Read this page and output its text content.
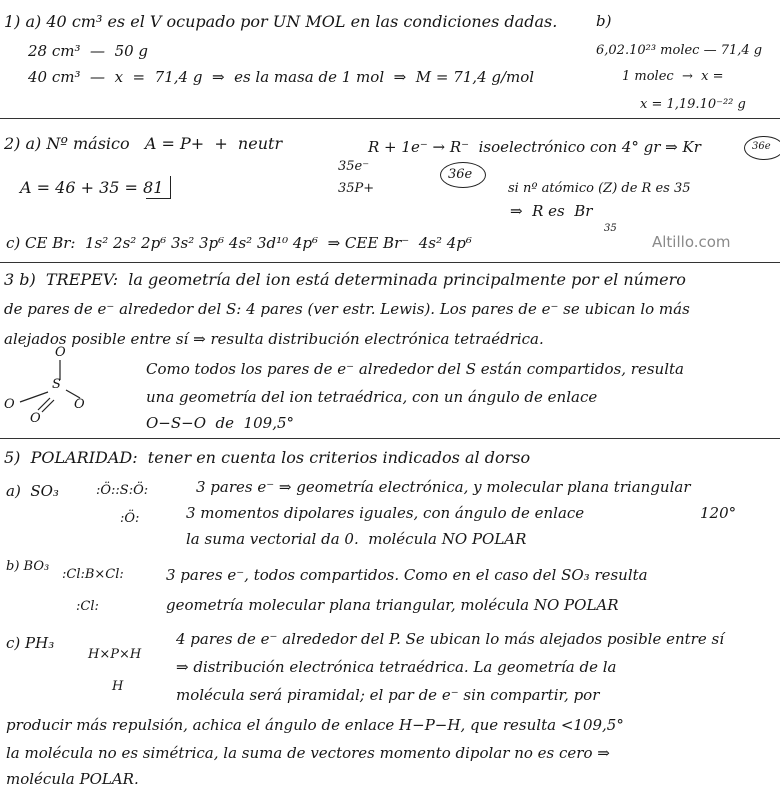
1) a) 40 cm³ es el V ocupado por UN MOL en las condiciones dadas.	b)
28 cm³  —  50 g	6,02.10²³ molec — 71,4 g
40 cm³  —  x  =  71,4 g  ⇒  es la masa de 1 mol  ⇒  M = 71,4 g/mol	1 molec  →  x =
x = 1,19.10⁻²² g
2) a) Nº másico   A = P+  +  neutr	R + 1e⁻ → R⁻  isoelectrónico con 4° gr ⇒ Kr	36e
35e⁻
36e
35P+
A = 46 + 35 = 81	si nº atómico (Z) de R es 35
⇒  R es  Br
35
c) CE Br:  1s² 2s² 2p⁶ 3s² 3p⁶ 4s² 3d¹⁰ 4p⁶  ⇒ CEE Br⁻  4s² 4p⁶	Altillo.com
3 b)  TREPEV:  la geometría del ion está determinada principalmente por el número
de pares de e⁻ alrededor del S: 4 pares (ver estr. Lewis). Los pares de e⁻ se ubican lo más
alejados posible entre sí ⇒ resulta distribución electrónica tetraédrica.
O
S
O	O
O
Como todos los pares de e⁻ alrededor del S están compartidos, resulta
una geometría del ion tetraédrica, con un ángulo de enlace
O−S−O  de  109,5°
5)  POLARIDAD:  tener en cuenta los criterios indicados al dorso
a)  SO₃	:Ö::S:Ö:
:Ö:
3 pares e⁻ ⇒ geometría electrónica, y molecular plana triangular
3 momentos dipolares iguales, con ángulo de enlace	120°
la suma vectorial da 0.  molécula NO POLAR
b) BO₃
:Cl:B×Cl:
:Cl:
3 pares e⁻, todos compartidos. Como en el caso del SO₃ resulta
geometría molecular plana triangular, molécula NO POLAR
c) PH₃
H×P×H
H
4 pares de e⁻ alrededor del P. Se ubican lo más alejados posible entre sí
⇒ distribución electrónica tetraédrica. La geometría de la
molécula será piramidal; el par de e⁻ sin compartir, por
producir más repulsión, achica el ángulo de enlace H−P−H, que resulta <109,5°
la molécula no es simétrica, la suma de vectores momento dipolar no es cero ⇒
molécula POLAR.
